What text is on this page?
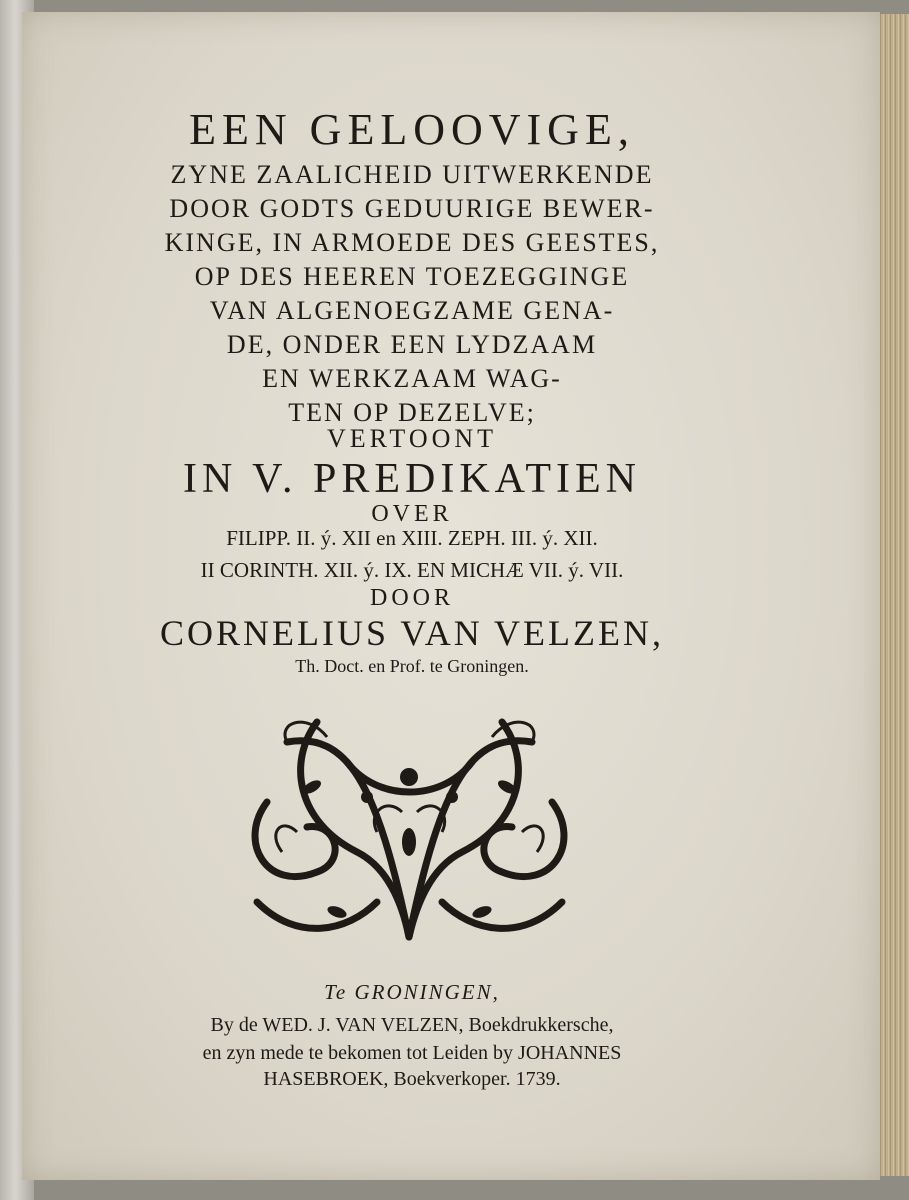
EEN GELOOVIGE,
ZYNE ZAALICHEID UITWERKENDE
DOOR GODTS GEDUURIGE BEWER-
KINGE, IN ARMOEDE DES GEESTES,
OP DES HEEREN TOEZEGGINGE
VAN ALGENOEGZAME GENA-
DE, ONDER EEN LYDZAAM
EN WERKZAAM WAG-
TEN OP DEZELVE;
VERTOONT
IN V. PREDIKATIEN
OVER
FILIPP. II. ý. XII en XIII. ZEPH. III. ý. XII.
II CORINTH. XII. ý. IX. EN MICHÆ VII. ý. VII.
DOOR
CORNELIUS VAN VELZEN,
Th. Doct. en Prof. te Groningen.
Te GRONINGEN,
By de WED. J. VAN VELZEN, Boekdrukkersche,
en zyn mede te bekomen tot Leiden by JOHANNES
HASEBROEK, Boekverkoper. 1739.
